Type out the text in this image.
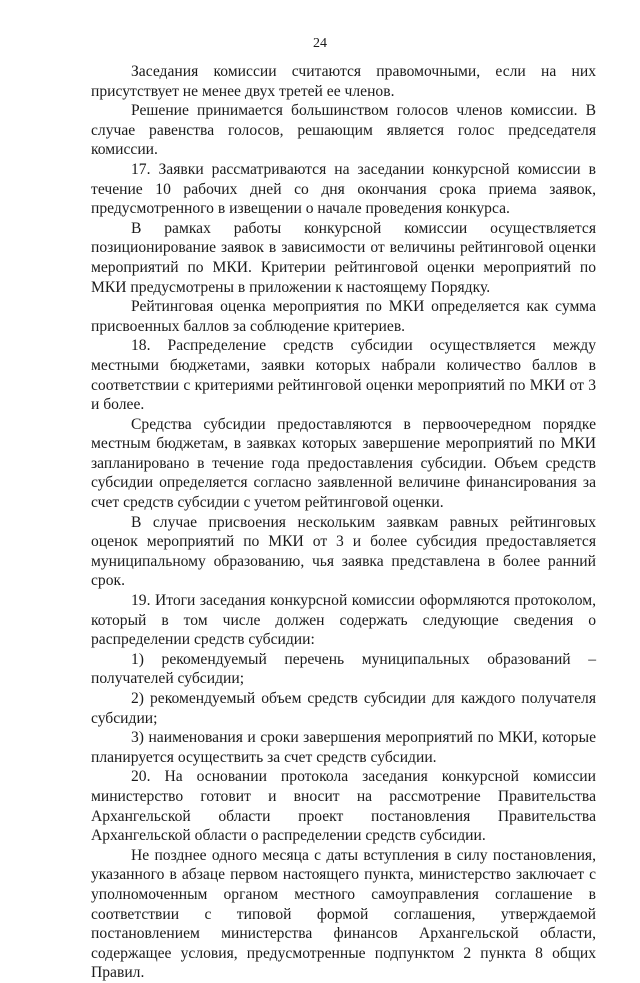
24

Заседания комиссии считаются правомочными, если на них присутствует не менее двух третей ее членов.

Решение принимается большинством голосов членов комиссии. В случае равенства голосов, решающим является голос председателя комиссии.

17. Заявки рассматриваются на заседании конкурсной комиссии в течение 10 рабочих дней со дня окончания срока приема заявок, предусмотренного в извещении о начале проведения конкурса.

В рамках работы конкурсной комиссии осуществляется позиционирование заявок в зависимости от величины рейтинговой оценки мероприятий по МКИ. Критерии рейтинговой оценки мероприятий по МКИ предусмотрены в приложении к настоящему Порядку.

Рейтинговая оценка мероприятия по МКИ определяется как сумма присвоенных баллов за соблюдение критериев.

18. Распределение средств субсидии осуществляется между местными бюджетами, заявки которых набрали количество баллов в соответствии с критериями рейтинговой оценки мероприятий по МКИ от 3 и более.

Средства субсидии предоставляются в первоочередном порядке местным бюджетам, в заявках которых завершение мероприятий по МКИ запланировано в течение года предоставления субсидии. Объем средств субсидии определяется согласно заявленной величине финансирования за счет средств субсидии с учетом рейтинговой оценки.

В случае присвоения нескольким заявкам равных рейтинговых оценок мероприятий по МКИ от 3 и более субсидия предоставляется муниципальному образованию, чья заявка представлена в более ранний срок.

19. Итоги заседания конкурсной комиссии оформляются протоколом, который в том числе должен содержать следующие сведения о распределении средств субсидии:

1) рекомендуемый перечень муниципальных образований – получателей субсидии;

2) рекомендуемый объем средств субсидии для каждого получателя субсидии;

3) наименования и сроки завершения мероприятий по МКИ, которые планируется осуществить за счет средств субсидии.

20. На основании протокола заседания конкурсной комиссии министерство готовит и вносит на рассмотрение Правительства Архангельской области проект постановления Правительства Архангельской области о распределении средств субсидии.

Не позднее одного месяца с даты вступления в силу постановления, указанного в абзаце первом настоящего пункта, министерство заключает с уполномоченным органом местного самоуправления соглашение в соответствии с типовой формой соглашения, утверждаемой постановлением министерства финансов Архангельской области, содержащее условия, предусмотренные подпунктом 2 пункта 8 общих Правил.
